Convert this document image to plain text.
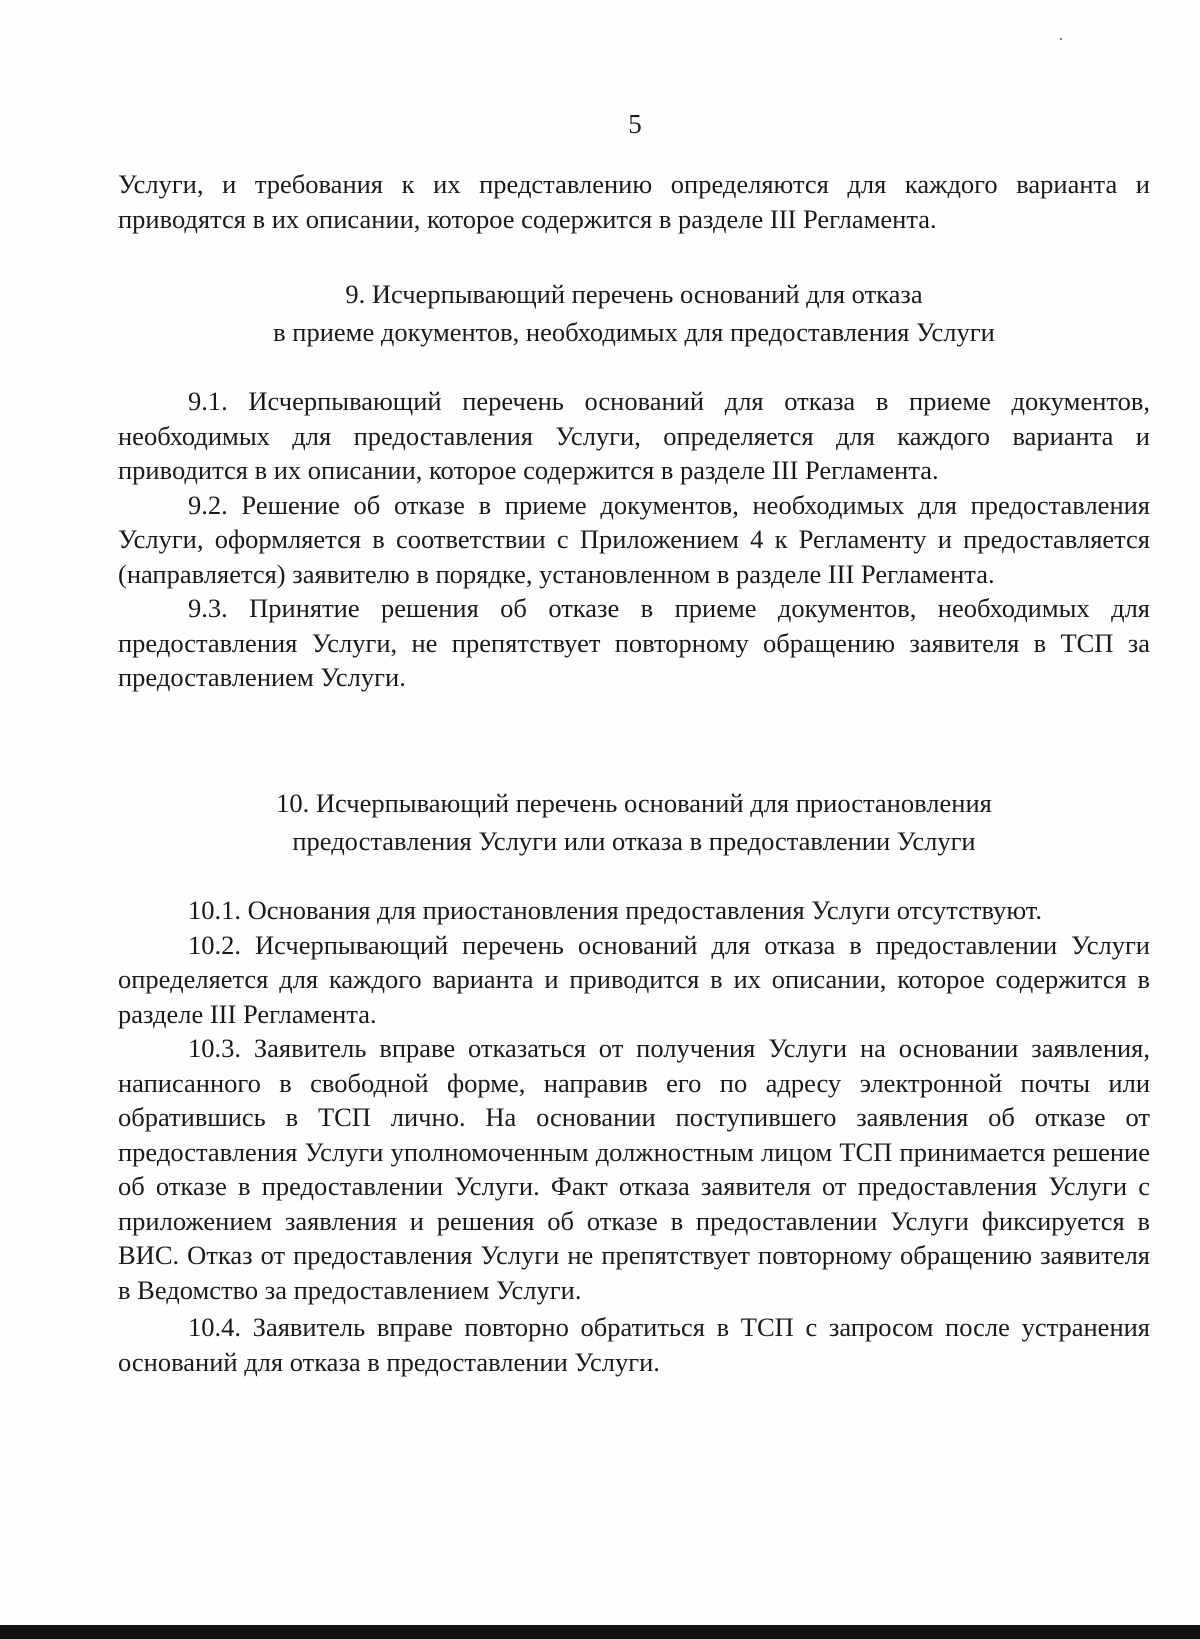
5

Услуги, и требования к их представлению определяются для каждого варианта и приводятся в их описании, которое содержится в разделе III Регламента.

9. Исчерпывающий перечень оснований для отказа
в приеме документов, необходимых для предоставления Услуги

9.1. Исчерпывающий перечень оснований для отказа в приеме документов, необходимых для предоставления Услуги, определяется для каждого варианта и приводится в их описании, которое содержится в разделе III Регламента.

9.2. Решение об отказе в приеме документов, необходимых для предоставления Услуги, оформляется в соответствии с Приложением 4 к Регламенту и предоставляется (направляется) заявителю в порядке, установленном в разделе III Регламента.

9.3. Принятие решения об отказе в приеме документов, необходимых для предоставления Услуги, не препятствует повторному обращению заявителя в ТСП за предоставлением Услуги.

10. Исчерпывающий перечень оснований для приостановления
предоставления Услуги или отказа в предоставлении Услуги

10.1. Основания для приостановления предоставления Услуги отсутствуют.

10.2. Исчерпывающий перечень оснований для отказа в предоставлении Услуги определяется для каждого варианта и приводится в их описании, которое содержится в разделе III Регламента.

10.3. Заявитель вправе отказаться от получения Услуги на основании заявления, написанного в свободной форме, направив его по адресу электронной почты или обратившись в ТСП лично. На основании поступившего заявления об отказе от предоставления Услуги уполномоченным должностным лицом ТСП принимается решение об отказе в предоставлении Услуги. Факт отказа заявителя от предоставления Услуги с приложением заявления и решения об отказе в предоставлении Услуги фиксируется в ВИС. Отказ от предоставления Услуги не препятствует повторному обращению заявителя в Ведомство за предоставлением Услуги.

10.4. Заявитель вправе повторно обратиться в ТСП с запросом после устранения оснований для отказа в предоставлении Услуги.
